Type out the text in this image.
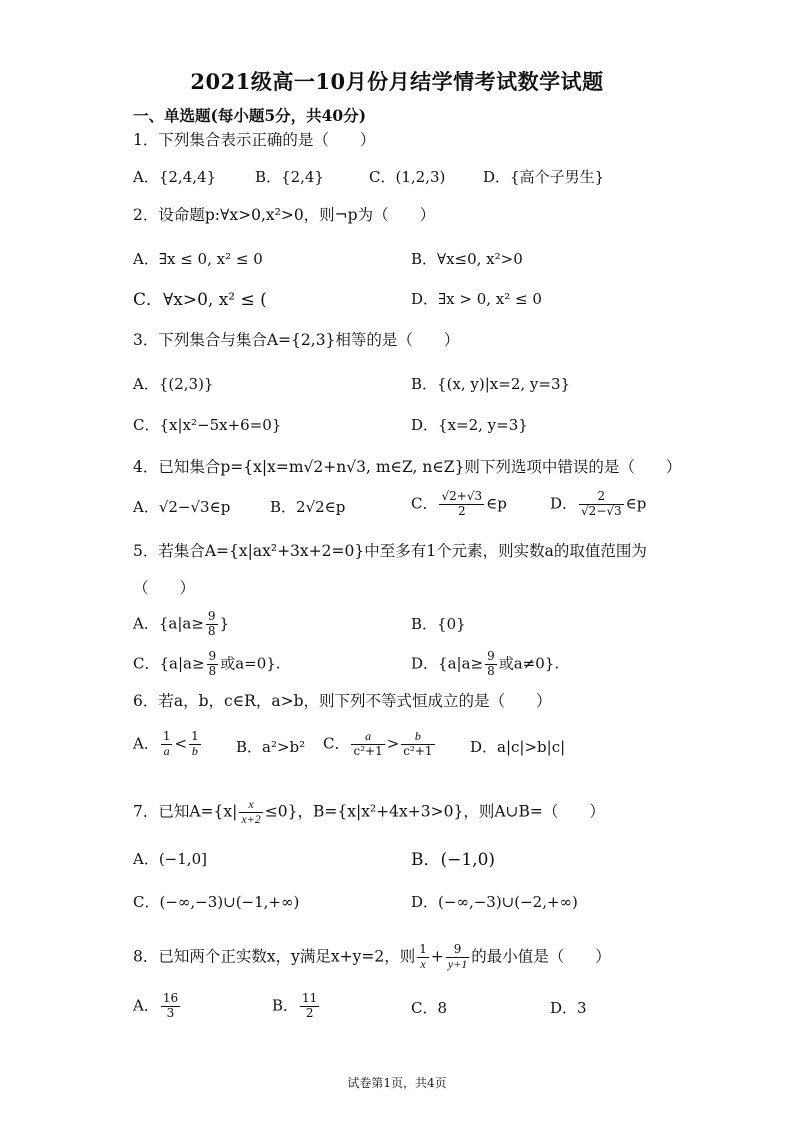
2021级高一10月份月结学情考试数学试题
一、单选题(每小题5分，共40分)
1．下列集合表示正确的是（　　）
A．{2,4,4}	B．{2,4}	C．(1,2,3)	D．{高个子男生}
2．设命题p:∀x>0,x²>0，则¬p为（　　）
A．∃x ≤ 0, x² ≤ 0	B．∀x≤0, x²>0
C．∀x>0, x² ≤ (	D．∃x > 0, x² ≤ 0
3．下列集合与集合A={2,3}相等的是（　　）
A．{(2,3)}	B．{(x, y)|x=2, y=3}
C．{x|x²−5x+6=0}	D．{x=2, y=3}
4．已知集合p={x|x=m√2+n√3, m∈Z, n∈Z}则下列选项中错误的是（　　）
A．√2−√3∈p	B．2√2∈p	C． $\frac{√2+√3}{2}$ ∈p	D． $\frac{2}{√2-√3}$ ∈p
5．若集合A={x|ax²+3x+2=0}中至多有1个元素，则实数a的取值范围为
（　　）
A．{$a|a\ge \frac{9}{8}$ }	B．{0}
C．{$a|a\ge \frac{9}{8}$ 或a=0}.	D．{$a|a\ge \frac{9}{8}$ 或a≠0}.
6．若a，b，c∈R，a>b，则下列不等式恒成立的是（　　）
A． $\frac{1}{a} < \frac{1}{b}$ B．a²>b² C． $\frac{a}{\text{c²+1}} > \frac{b}{\text{c²+1}}$ D．a|c|>b|c|
7．已知$A=\{x| \frac{x}{x+2} \le 0\}$，B={x|x²+4x+3>0}，则A∪B=（　　）
A．(−1,0]	B．(−1,0)
C．(−∞,−3)∪(−1,+∞)	D．(−∞,−3)∪(−2,+∞)
8．已知两个正实数x，y满足x+y=2，则 $\frac{1}{x} + \frac{9}{y+1}$ 的最小值是（　　）
A． $\frac{16}{3}$	B． $\frac{11}{2}$	C．8	D．3
试卷第1页，共4页
